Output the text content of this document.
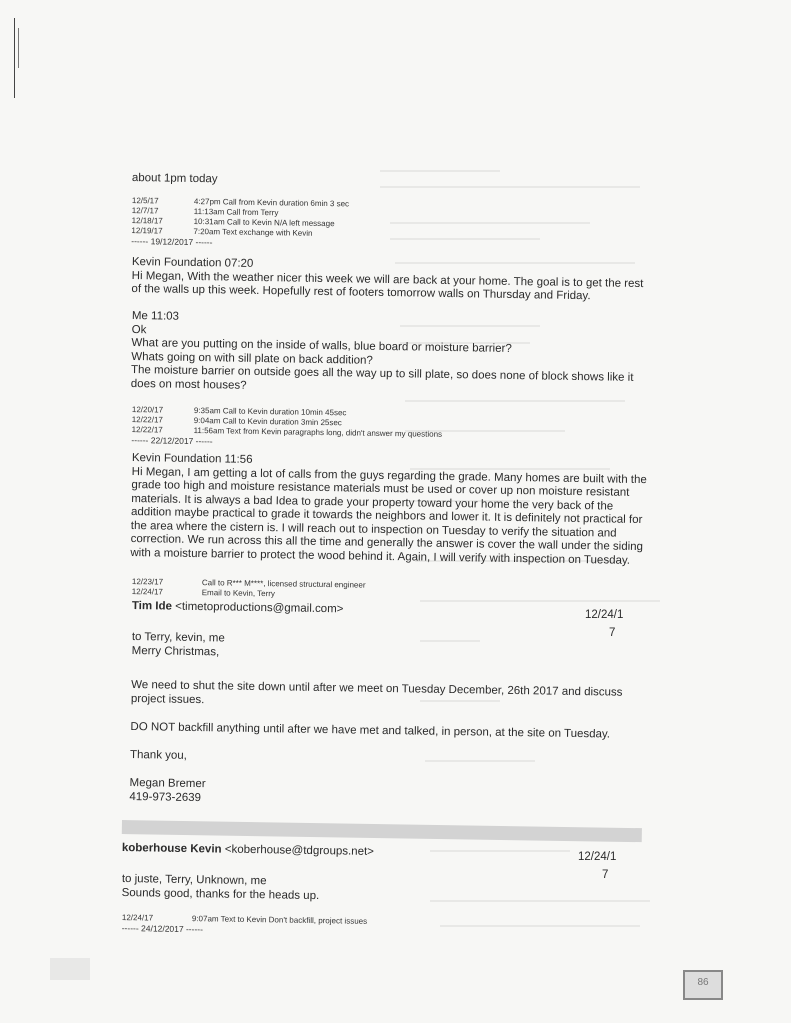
about 1pm today
12/5/17	4:27pm Call from Kevin duration 6min 3 sec
12/7/17	11:13am Call from Terry
12/18/17	10:31am Call to Kevin N/A left message
12/19/17	7:20am Text exchange with Kevin
------ 19/12/2017 ------
Kevin Foundation 07:20
Hi Megan, With the weather nicer this week we will are back at your home. The goal is to get the rest of the walls up this week. Hopefully rest of footers tomorrow walls on Thursday and Friday.
Me 11:03
Ok
What are you putting on the inside of walls, blue board or moisture barrier?
Whats going on with sill plate on back addition?
The moisture barrier on outside goes all the way up to sill plate, so does none of block shows like it does on most houses?
12/20/17	9:35am Call to Kevin duration 10min 45sec
12/22/17	9:04am Call to Kevin duration 3min 25sec
12/22/17	11:56am Text from Kevin paragraphs long, didn't answer my questions
------ 22/12/2017 ------
Kevin Foundation 11:56
Hi Megan, I am getting a lot of calls from the guys regarding the grade. Many homes are built with the grade too high and moisture resistance materials must be used or cover up non moisture resistant materials. It is always a bad Idea to grade your property toward your home the very back of the addition maybe practical to grade it towards the neighbors and lower it. It is definitely not practical for the area where the cistern is. I will reach out to inspection on Tuesday to verify the situation and correction. We run across this all the time and generally the answer is cover the wall under the siding with a moisture barrier to protect the wood behind it. Again, I will verify with inspection on Tuesday.
12/23/17	Call to R*** M****, licensed structural engineer
12/24/17	Email to Kevin, Terry
Tim Ide <timetoproductions@gmail.com>	12/24/1
7
to Terry, kevin, me
Merry Christmas,
We need to shut the site down until after we meet on Tuesday December, 26th 2017 and discuss project issues.
DO NOT backfill anything until after we have met and talked, in person, at the site on Tuesday.
Thank you,
Megan Bremer
419-973-2639
koberhouse Kevin <koberhouse@tdgroups.net>	12/24/1
7
to juste, Terry, Unknown, me
Sounds good, thanks for the heads up.
12/24/17	9:07am Text to Kevin Don't backfill, project issues
------ 24/12/2017 ------
86
